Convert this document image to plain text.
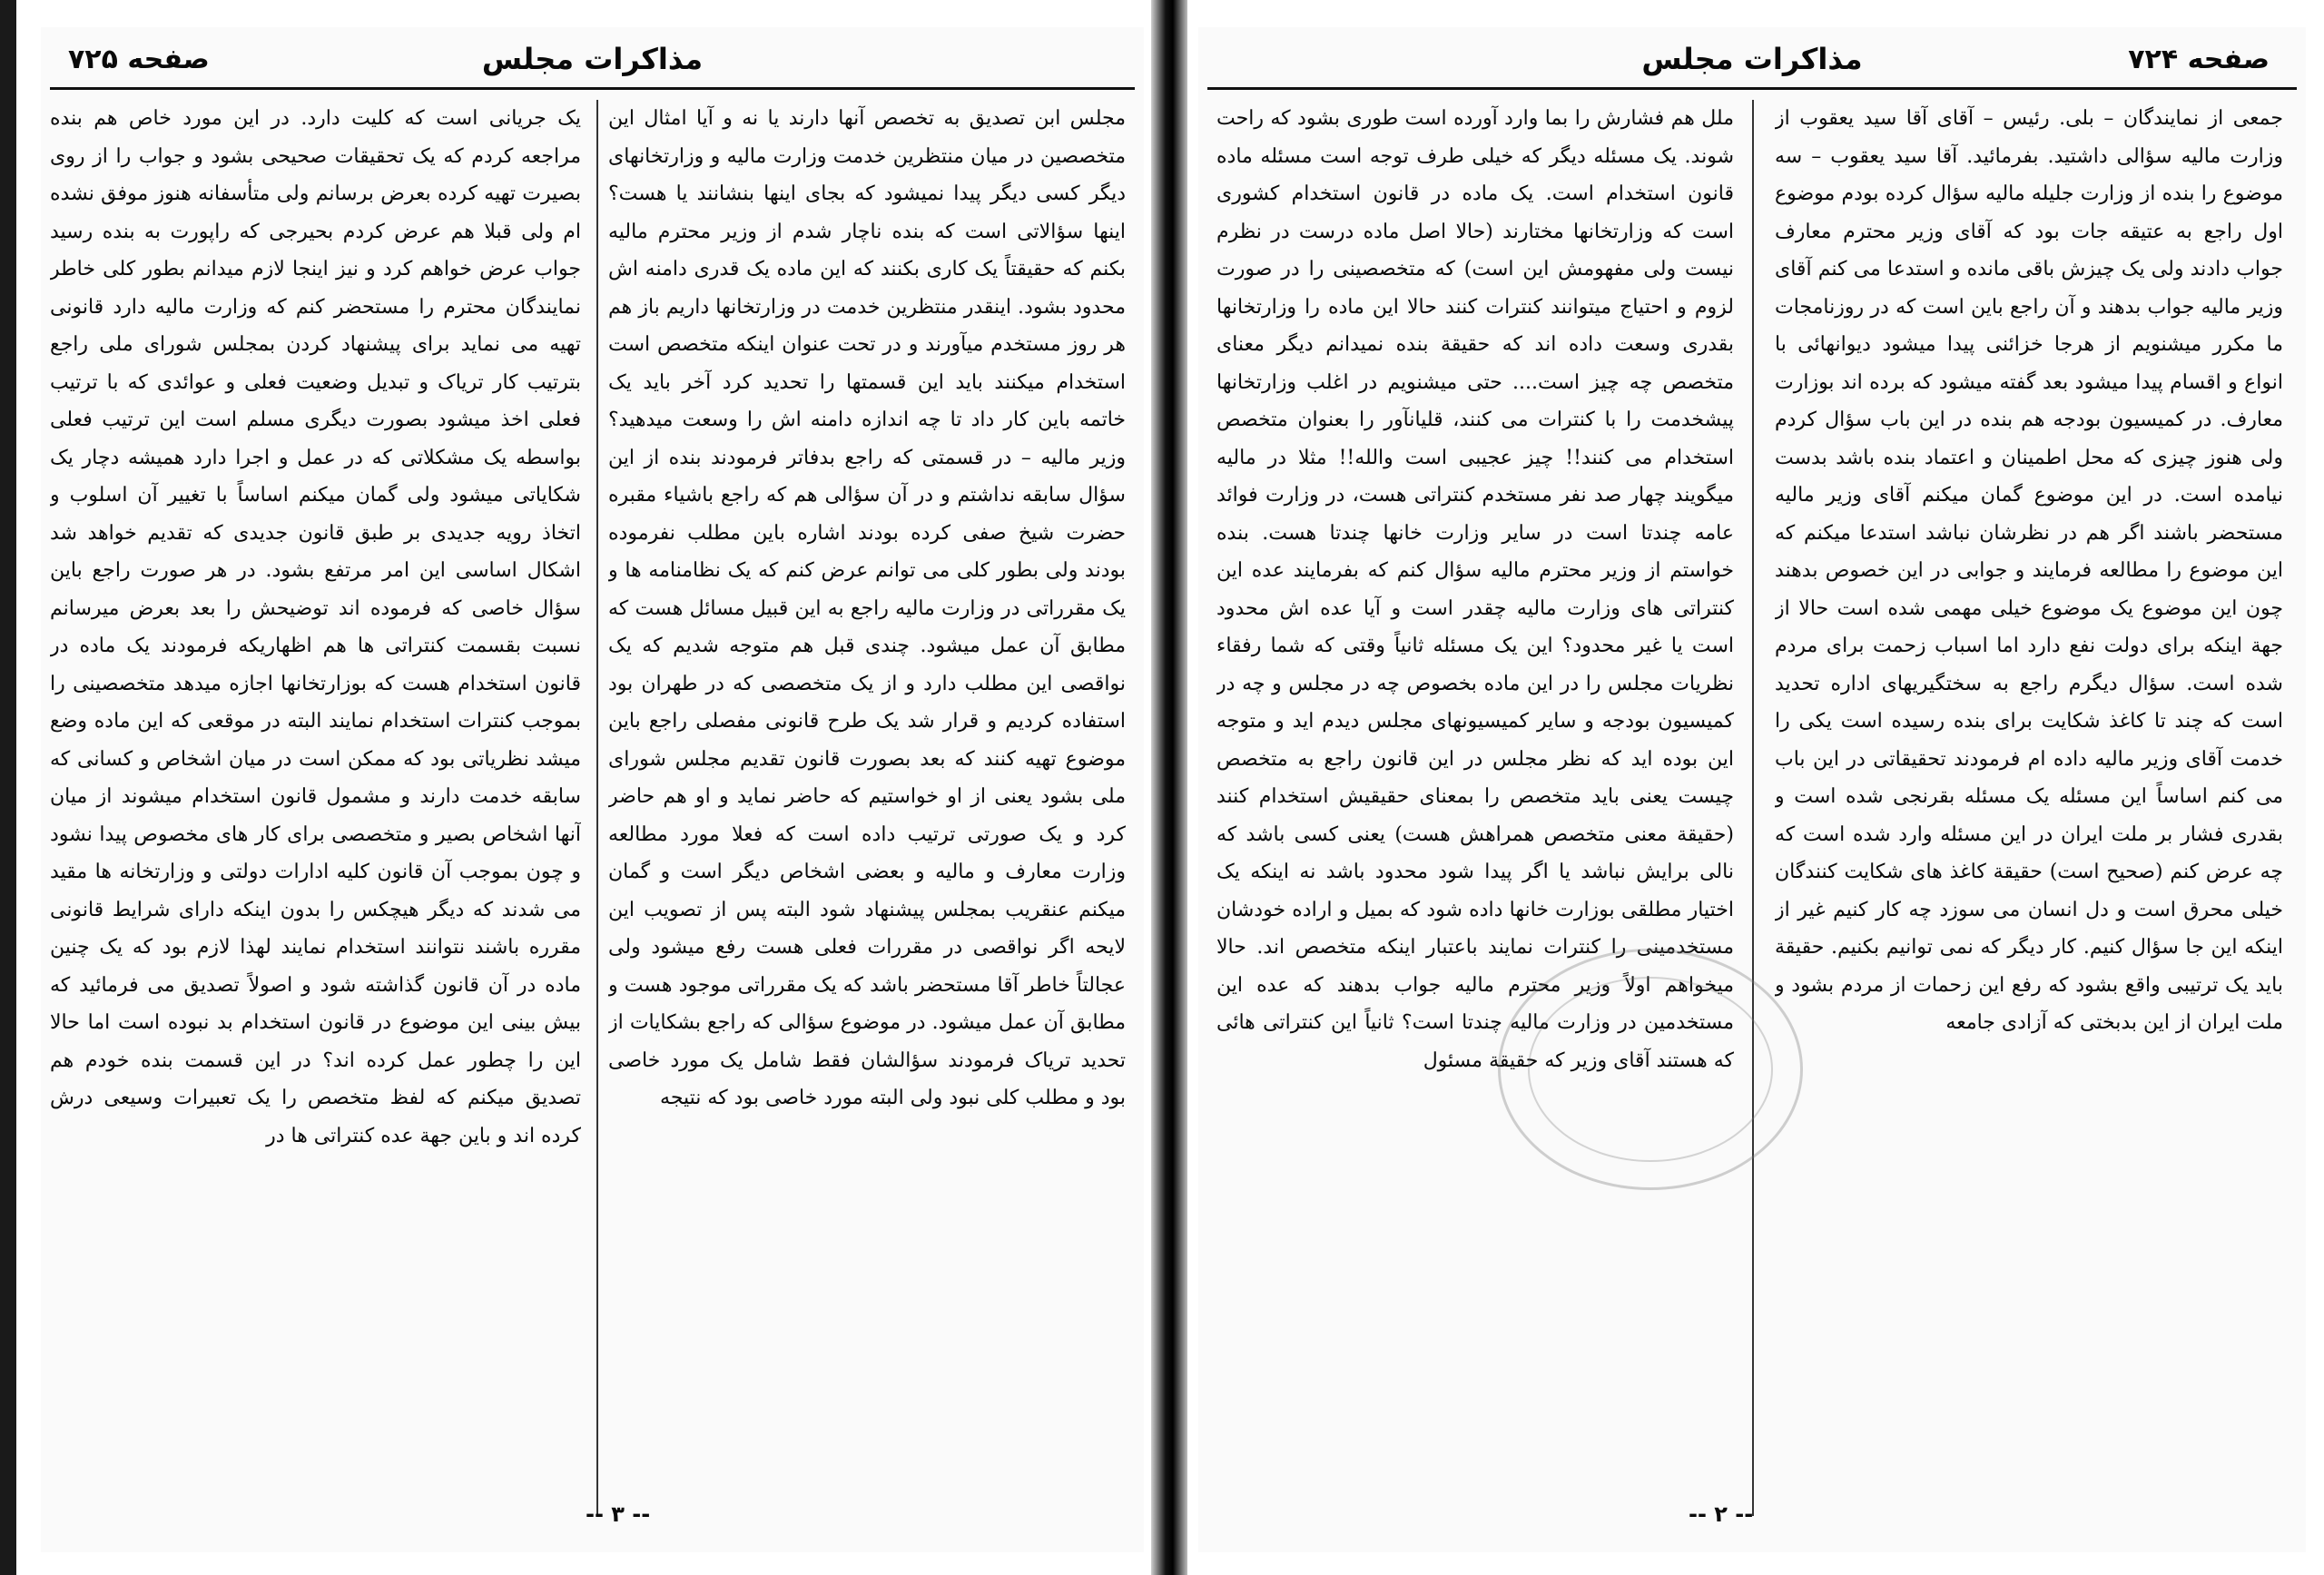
صفحه ۷۲۵	مذاکرات مجلس
مجلس ابن تصدیق به تخصص آنها دارند یا نه و آیا امثال این متخصصین در میان منتظرین خدمت وزارت مالیه و وزارتخانهای دیگر کسی دیگر پیدا نمیشود که بجای اینها بنشانند یا هست؟ اینها سؤالاتی است که بنده ناچار شدم از وزیر محترم مالیه بکنم که حقیقتاً یک کاری بکنند که این ماده یک قدری دامنه اش محدود بشود. اینقدر منتظرین خدمت در وزارتخانها داریم باز هم هر روز مستخدم میآورند و در تحت عنوان اینکه متخصص است استخدام میکنند باید این قسمتها را تحدید کرد آخر باید یک خاتمه باین کار داد تا چه اندازه دامنه اش را وسعت میدهید؟ وزیر مالیه – در قسمتی که راجع بدفاتر فرمودند بنده از این سؤال سابقه نداشتم و در آن سؤالی هم که راجع باشیاء مقبره حضرت شیخ صفی کرده بودند اشاره باین مطلب نفرموده بودند ولی بطور کلی می توانم عرض کنم که یک نظامنامه ها و یک مقرراتی در وزارت مالیه راجع به این قبیل مسائل هست که مطابق آن عمل میشود. چندی قبل هم متوجه شدیم که یک نواقصی این مطلب دارد و از یک متخصصی که در طهران بود استفاده کردیم و قرار شد یک طرح قانونی مفصلی راجع باین موضوع تهیه کنند که بعد بصورت قانون تقدیم مجلس شورای ملی بشود یعنی از او خواستیم که حاضر نماید و او هم حاضر کرد و یک صورتی ترتیب داده است که فعلا مورد مطالعه وزارت معارف و مالیه و بعضی اشخاص دیگر است و گمان میکنم عنقریب بمجلس پیشنهاد شود البته پس از تصویب این لایحه اگر نواقصی در مقررات فعلی هست رفع میشود ولی عجالتاً خاطر آقا مستحضر باشد که یک مقرراتی موجود هست و مطابق آن عمل میشود. در موضوع سؤالی که راجع بشکایات از تحدید تریاک فرمودند سؤالشان فقط شامل یک مورد خاصی بود و مطلب کلی نبود ولی البته مورد خاصی بود که نتیجه
یک جریانی است که کلیت دارد. در این مورد خاص هم بنده مراجعه کردم که یک تحقیقات صحیحی بشود و جواب را از روی بصیرت تهیه کرده بعرض برسانم ولی متأسفانه هنوز موفق نشده ام ولی قبلا هم عرض کردم بحیرجی که راپورت به بنده رسید جواب عرض خواهم کرد و نیز اینجا لازم میدانم بطور کلی خاطر نمایندگان محترم را مستحضر کنم که وزارت مالیه دارد قانونی تهیه می نماید برای پیشنهاد کردن بمجلس شورای ملی راجع بترتیب کار تریاک و تبدیل وضعیت فعلی و عوائدی که با ترتیب فعلی اخذ میشود بصورت دیگری مسلم است این ترتیب فعلی بواسطه یک مشکلاتی که در عمل و اجرا دارد همیشه دچار یک شکایاتی میشود ولی گمان میکنم اساساً با تغییر آن اسلوب و اتخاذ رویه جدیدی بر طبق قانون جدیدی که تقدیم خواهد شد اشکال اساسی این امر مرتفع بشود. در هر صورت راجع باین سؤال خاصی که فرموده اند توضیحش را بعد بعرض میرسانم نسبت بقسمت کنتراتی ها هم اظهاریکه فرمودند یک ماده در قانون استخدام هست که بوزارتخانها اجازه میدهد متخصصینی را بموجب کنترات استخدام نمایند البته در موقعی که این ماده وضع میشد نظریاتی بود که ممکن است در میان اشخاص و کسانی که سابقه خدمت دارند و مشمول قانون استخدام میشوند از میان آنها اشخاص بصیر و متخصصی برای کار های مخصوص پیدا نشود و چون بموجب آن قانون کلیه ادارات دولتی و وزارتخانه ها مقید می شدند که دیگر هیچکس را بدون اینکه دارای شرایط قانونی مقرره باشند نتوانند استخدام نمایند لهذا لازم بود که یک چنین ماده در آن قانون گذاشته شود و اصولاً تصدیق می فرمائید که بیش بینی این موضوع در قانون استخدام بد نبوده است اما حالا این را چطور عمل کرده اند؟ در این قسمت بنده خودم هم تصدیق میکنم که لفظ متخصص را یک تعبیرات وسیعی درش کرده اند و باین جهة عده کنتراتی ها در
-- ۳ --
صفحه ۷۲۴
مذاکرات مجلس
جمعی از نمایندگان – بلی. رئیس – آقای آقا سید یعقوب از وزارت مالیه سؤالی داشتید. بفرمائید. آقا سید یعقوب – سه موضوع را بنده از وزارت جلیله مالیه سؤال کرده بودم موضوع اول راجع به عتیقه جات بود که آقای وزیر محترم معارف جواب دادند ولی یک چیزش باقی مانده و استدعا می کنم آقای وزیر مالیه جواب بدهند و آن راجع باین است که در روزنامجات ما مکرر میشنویم از هرجا خزائنی پیدا میشود دیوانهائی با انواع و اقسام پیدا میشود بعد گفته میشود که برده اند بوزارت معارف. در کمیسیون بودجه هم بنده در این باب سؤال کردم ولی هنوز چیزی که محل اطمینان و اعتماد بنده باشد بدست نیامده است. در این موضوع گمان میکنم آقای وزیر مالیه مستحضر باشند اگر هم در نظرشان نباشد استدعا میکنم که این موضوع را مطالعه فرمایند و جوابی در این خصوص بدهند چون این موضوع یک موضوع خیلی مهمی شده است حالا از جهة اینکه برای دولت نفع دارد اما اسباب زحمت برای مردم شده است. سؤال دیگرم راجع به سختگیریهای اداره تحدید است که چند تا کاغذ شکایت برای بنده رسیده است یکی را خدمت آقای وزیر مالیه داده ام فرمودند تحقیقاتی در این باب می کنم اساساً این مسئله یک مسئله بقرنجی شده است و بقدری فشار بر ملت ایران در این مسئله وارد شده است که چه عرض کنم (صحیح است) حقیقة کاغذ های شکایت کنندگان خیلی محرق است و دل انسان می سوزد چه کار کنیم غیر از اینکه این جا سؤال کنیم. کار دیگر که نمی توانیم بکنیم. حقیقة باید یک ترتیبی واقع بشود که رفع این زحمات از مردم بشود و ملت ایران از این بدبختی که آزادی جامعه
ملل هم فشارش را بما وارد آورده است طوری بشود که راحت شوند. یک مسئله دیگر که خیلی طرف توجه است مسئله ماده قانون استخدام است. یک ماده در قانون استخدام کشوری است که وزارتخانها مختارند (حالا اصل ماده درست در نظرم نیست ولی مفهومش این است) که متخصصینی را در صورت لزوم و احتیاج میتوانند کنترات کنند حالا این ماده را وزارتخانها بقدری وسعت داده اند که حقیقة بنده نمیدانم دیگر معنای متخصص چه چیز است.... حتی میشنویم در اغلب وزارتخانها پیشخدمت را با کنترات می کنند، قلیانآور را بعنوان متخصص استخدام می کنند!! چیز عجیبی است والله!! مثلا در مالیه میگویند چهار صد نفر مستخدم کنتراتی هست، در وزارت فوائد عامه چندتا است در سایر وزارت خانها چندتا هست. بنده خواستم از وزیر محترم مالیه سؤال کنم که بفرمایند عده این کنتراتی های وزارت مالیه چقدر است و آیا عده اش محدود است یا غیر محدود؟ این یک مسئله ثانیاً وقتی که شما رفقاء نظریات مجلس را در این ماده بخصوص چه در مجلس و چه در کمیسیون بودجه و سایر کمیسیونهای مجلس دیدم اید و متوجه این بوده اید که نظر مجلس در این قانون راجع به متخصص چیست یعنی باید متخصص را بمعنای حقیقیش استخدام کنند (حقیقة معنی متخصص همراهش هست) یعنی کسی باشد که نالی برایش نباشد یا اگر پیدا شود محدود باشد نه اینکه یک اختیار مطلقی بوزارت خانها داده شود که بمیل و اراده خودشان مستخدمینی را کنترات نمایند باعتبار اینکه متخصص اند. حالا میخواهم اولاً وزیر محترم مالیه جواب بدهند که عده این مستخدمین در وزارت مالیه چندتا است؟ ثانیاً این کنتراتی هائی که هستند آقای وزیر که حقیقة مسئول
-- ۲ --
